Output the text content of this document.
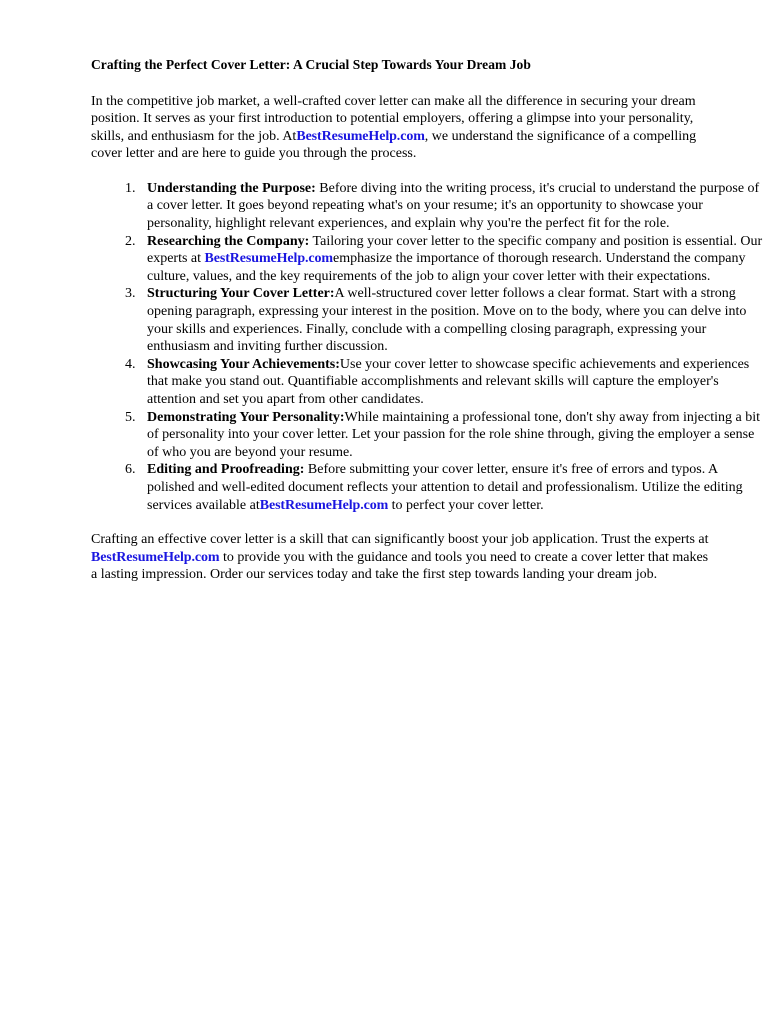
Crafting the Perfect Cover Letter: A Crucial Step Towards Your Dream Job

In the competitive job market, a well-crafted cover letter can make all the difference in securing your dream position. It serves as your first introduction to potential employers, offering a glimpse into your personality, skills, and enthusiasm for the job. AtBestResumeHelp.com, we understand the significance of a compelling cover letter and are here to guide you through the process.

1. Understanding the Purpose: Before diving into the writing process, it's crucial to understand the purpose of a cover letter. It goes beyond repeating what's on your resume; it's an opportunity to showcase your personality, highlight relevant experiences, and explain why you're the perfect fit for the role.
2. Researching the Company: Tailoring your cover letter to the specific company and position is essential. Our experts at BestResumeHelp.comemphasize the importance of thorough research. Understand the company culture, values, and the key requirements of the job to align your cover letter with their expectations.
3. Structuring Your Cover Letter:A well-structured cover letter follows a clear format. Start with a strong opening paragraph, expressing your interest in the position. Move on to the body, where you can delve into your skills and experiences. Finally, conclude with a compelling closing paragraph, expressing your enthusiasm and inviting further discussion.
4. Showcasing Your Achievements:Use your cover letter to showcase specific achievements and experiences that make you stand out. Quantifiable accomplishments and relevant skills will capture the employer's attention and set you apart from other candidates.
5. Demonstrating Your Personality:While maintaining a professional tone, don't shy away from injecting a bit of personality into your cover letter. Let your passion for the role shine through, giving the employer a sense of who you are beyond your resume.
6. Editing and Proofreading: Before submitting your cover letter, ensure it's free of errors and typos. A polished and well-edited document reflects your attention to detail and professionalism. Utilize the editing services available atBestResumeHelp.com to perfect your cover letter.

Crafting an effective cover letter is a skill that can significantly boost your job application. Trust the experts at BestResumeHelp.com to provide you with the guidance and tools you need to create a cover letter that makes a lasting impression. Order our services today and take the first step towards landing your dream job.
